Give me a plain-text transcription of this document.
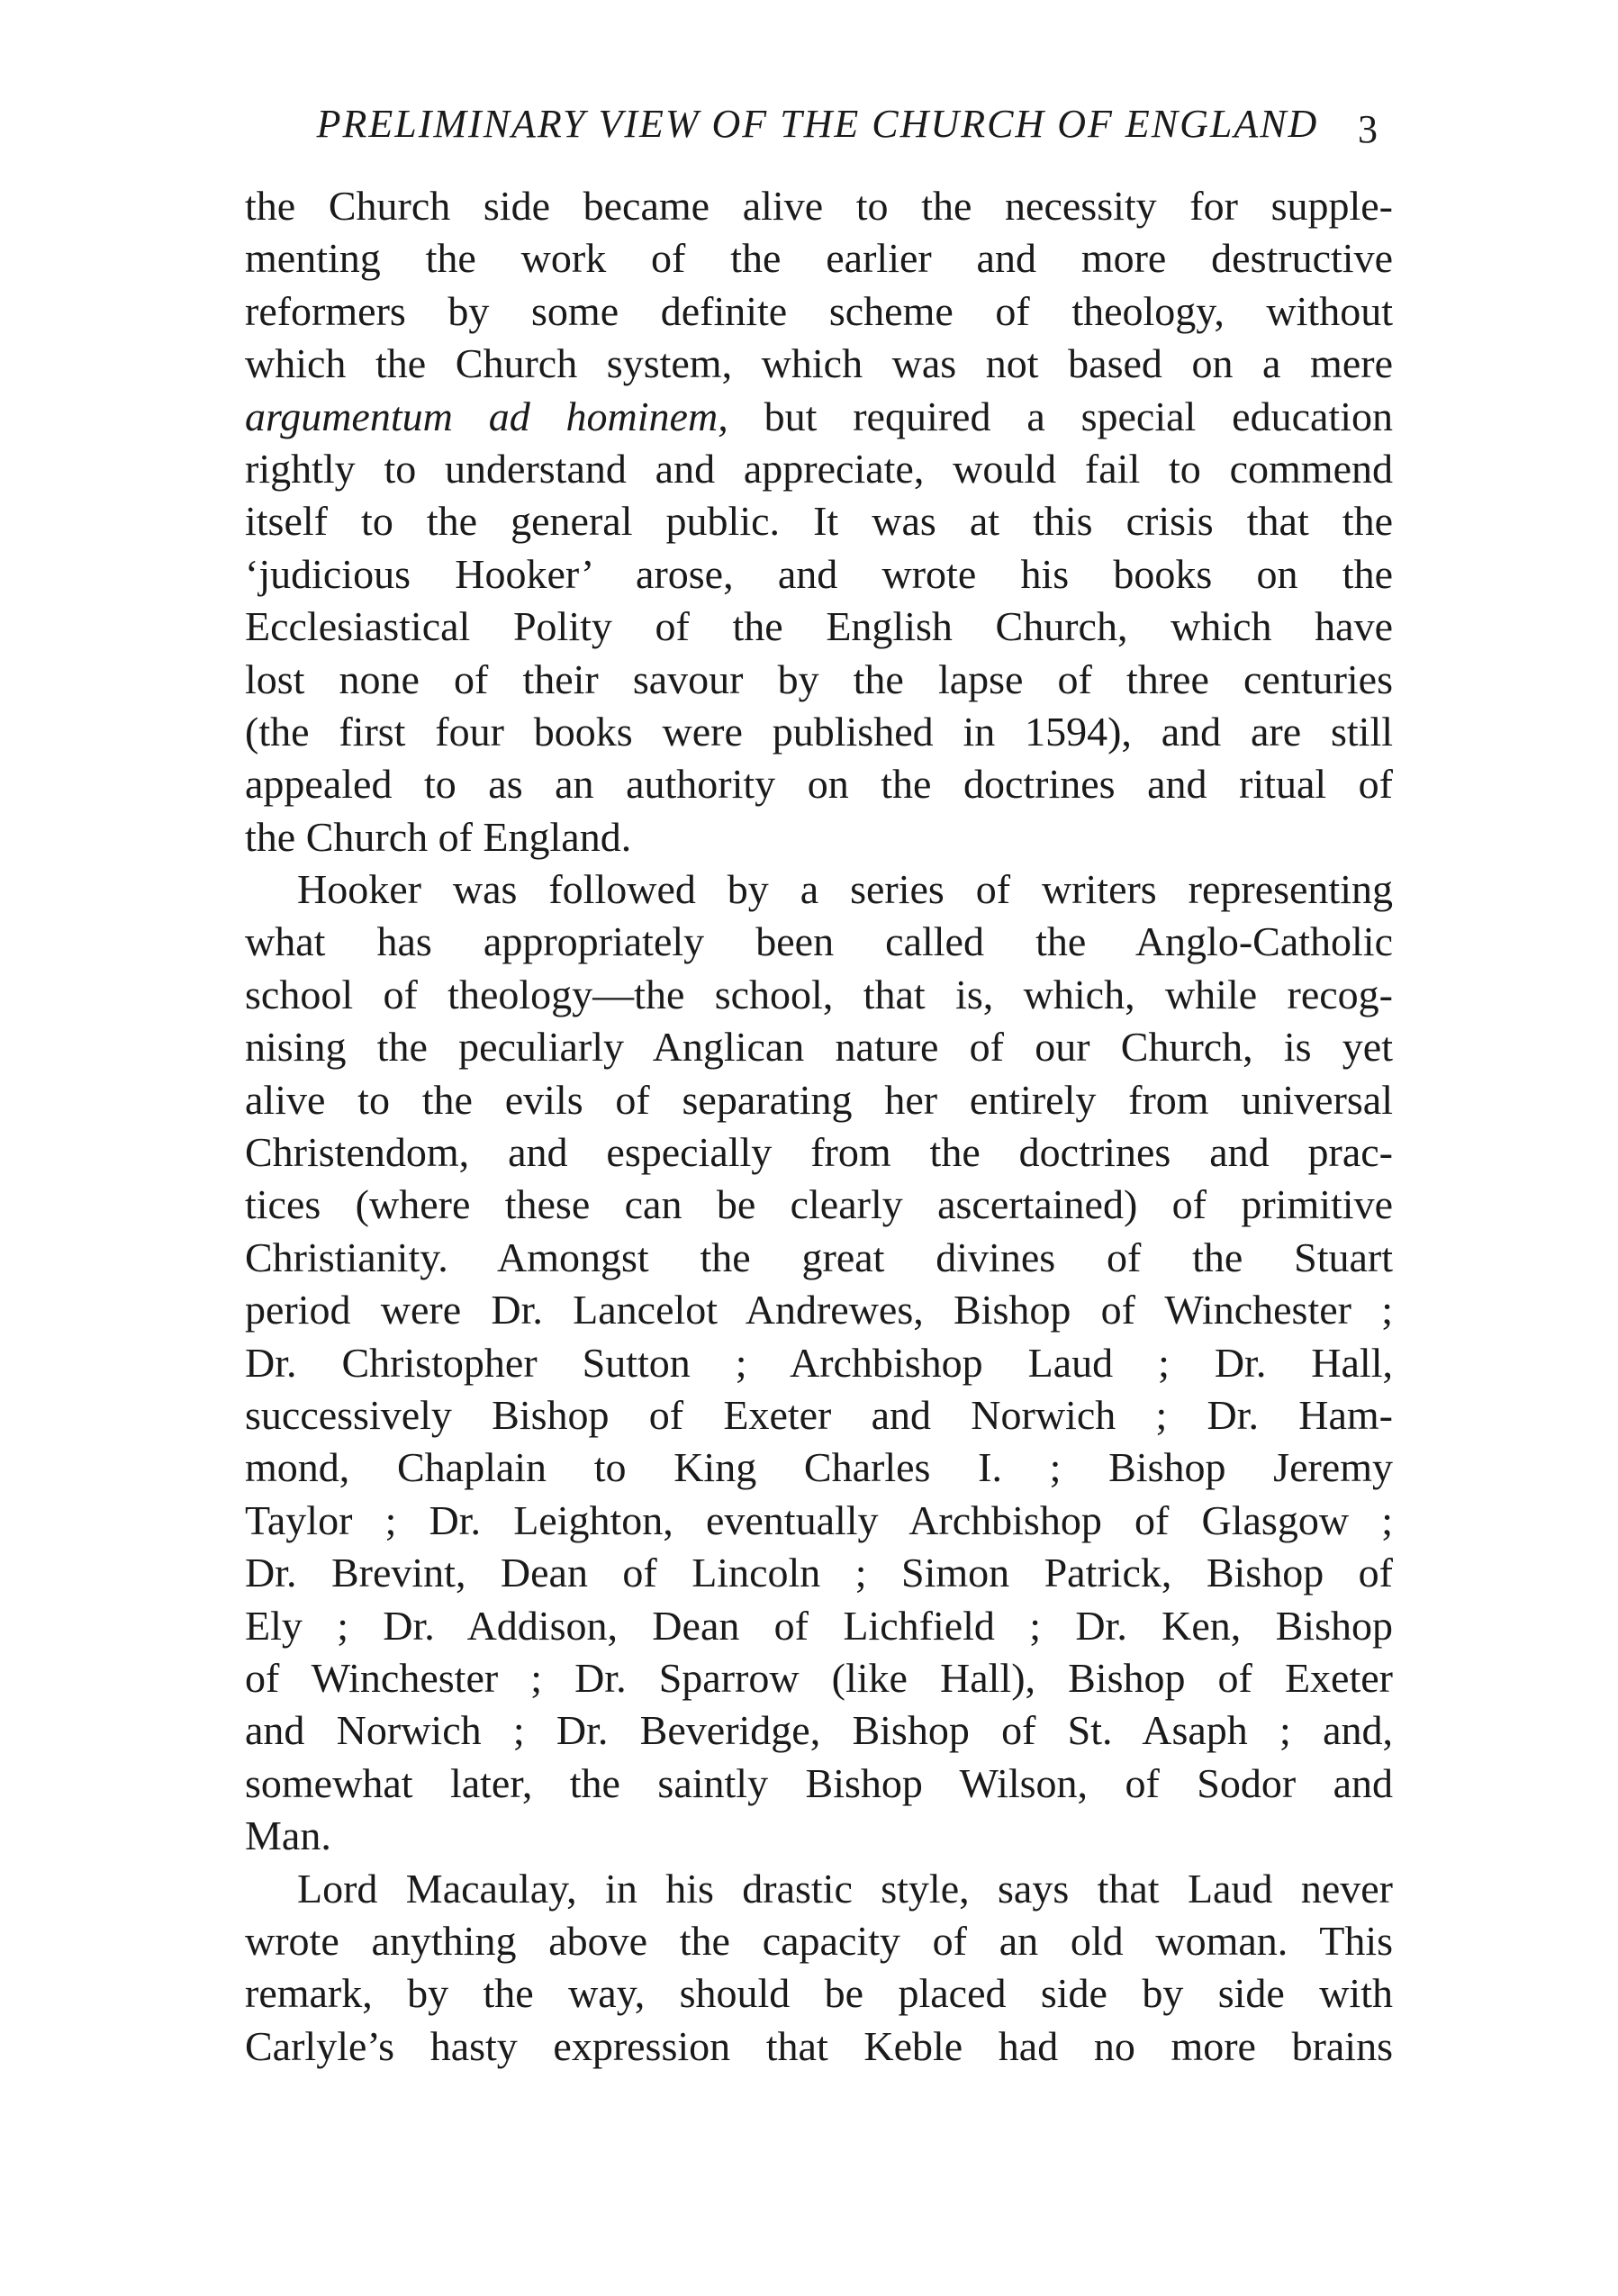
PRELIMINARY VIEW OF THE CHURCH OF ENGLAND 3
the Church side became alive to the necessity for supple-
menting the work of the earlier and more destructive
reformers by some definite scheme of theology, without
which the Church system, which was not based on a mere
argumentum ad hominem, but required a special education
rightly to understand and appreciate, would fail to commend
itself to the general public. It was at this crisis that the
‘judicious Hooker’ arose, and wrote his books on the
Ecclesiastical Polity of the English Church, which have
lost none of their savour by the lapse of three centuries
(the first four books were published in 1594), and are still
appealed to as an authority on the doctrines and ritual of
the Church of England.
Hooker was followed by a series of writers representing
what has appropriately been called the Anglo-Catholic
school of theology—the school, that is, which, while recog-
nising the peculiarly Anglican nature of our Church, is yet
alive to the evils of separating her entirely from universal
Christendom, and especially from the doctrines and prac-
tices (where these can be clearly ascertained) of primitive
Christianity. Amongst the great divines of the Stuart
period were Dr. Lancelot Andrewes, Bishop of Winchester ;
Dr. Christopher Sutton ; Archbishop Laud ; Dr. Hall,
successively Bishop of Exeter and Norwich ; Dr. Ham-
mond, Chaplain to King Charles I. ; Bishop Jeremy
Taylor ; Dr. Leighton, eventually Archbishop of Glasgow ;
Dr. Brevint, Dean of Lincoln ; Simon Patrick, Bishop of
Ely ; Dr. Addison, Dean of Lichfield ; Dr. Ken, Bishop
of Winchester ; Dr. Sparrow (like Hall), Bishop of Exeter
and Norwich ; Dr. Beveridge, Bishop of St. Asaph ; and,
somewhat later, the saintly Bishop Wilson, of Sodor and
Man.
Lord Macaulay, in his drastic style, says that Laud never
wrote anything above the capacity of an old woman. This
remark, by the way, should be placed side by side with
Carlyle’s hasty expression that Keble had no more brains
